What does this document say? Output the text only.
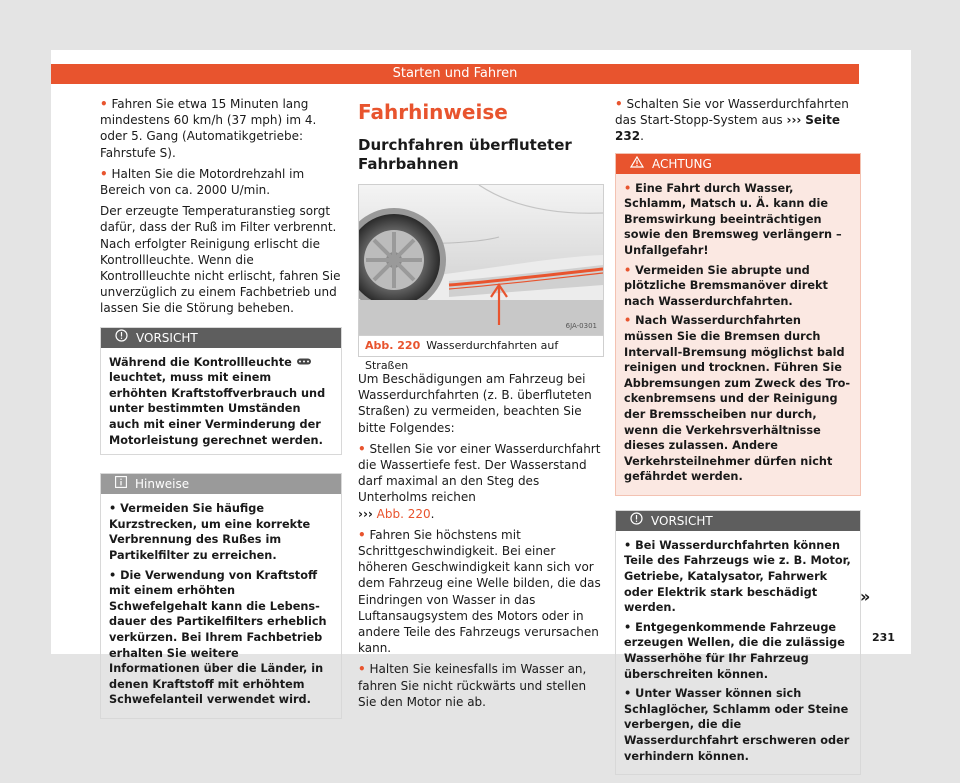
Starten und Fahren

• Fahren Sie etwa 15 Minuten lang mindestens 60 km/h (37 mph) im 4. oder 5. Gang (Automatikgetriebe: Fahrstufe S).

• Halten Sie die Motordrehzahl im Bereich von ca. 2000 U/min.

Der erzeugte Temperaturanstieg sorgt dafür, dass der Ruß im Filter verbrennt. Nach erfolgter Reinigung erlischt die Kontrollleuchte. Wenn die Kontrollleuchte nicht erlischt, fahren Sie unverzüglich zu einem Fachbetrieb und lassen Sie die Störung beheben.

VORSICHT
Während die Kontrollleuchte  leuchtet, muss mit einem erhöhten Kraftstoffverbrauch und unter bestimmten Umständen auch mit einer Verminderung der Motorleistung gerechnet werden.
Hinweise

• Vermeiden Sie häufige Kurzstrecken, um eine korrekte Verbrennung des Rußes im Partikelfilter zu erreichen.

• Die Verwendung von Kraftstoff mit einem erhöhten Schwefelgehalt kann die Lebensdauer des Partikelfilters erheblich verkürzen. Bei Ihrem Fachbetrieb erhalten Sie weitere Informationen über die Länder, in denen Kraftstoff mit erhöhtem Schwefelanteil verwendet wird.

Fahrhinweise
Durchfahren überfluteter Fahrbahnen
6JA-0301
Abb. 220 Wasserdurchfahrten auf Straßen

Um Beschädigungen am Fahrzeug bei Wasserdurchfahrten (z. B. überfluteten Straßen) zu vermeiden, beachten Sie bitte Folgendes:

• Stellen Sie vor einer Wasserdurchfahrt die Wassertiefe fest. Der Wasserstand darf maximal an den Steg des Unterholms reichen
››› Abb. 220.

• Fahren Sie höchstens mit Schrittgeschwindigkeit. Bei einer höheren Geschwindigkeit kann sich vor dem Fahrzeug eine Welle bilden, die das Eindringen von Wasser in das Luftansaugsystem des Motors oder in andere Teile des Fahrzeugs verursachen kann.

• Halten Sie keinesfalls im Wasser an, fahren Sie nicht rückwärts und stellen Sie den Motor nie ab.

• Schalten Sie vor Wasserdurchfahrten das Start-Stopp-System aus ››› Seite 232.

ACHTUNG

• Eine Fahrt durch Wasser, Schlamm, Matsch u. Ä. kann die Bremswirkung beeinträchtigen sowie den Bremsweg verlängern – Unfallgefahr!

• Vermeiden Sie abrupte und plötzliche Bremsmanöver direkt nach Wasserdurchfahrten.

• Nach Wasserdurchfahrten müssen Sie die Bremsen durch Intervall-Bremsung möglichst bald reinigen und trocknen. Führen Sie Abbremsungen zum Zweck des Trockenbremsens und der Reinigung der Bremsscheiben nur durch, wenn die Verkehrsverhältnisse dieses zulassen. Andere Verkehrsteilnehmer dürfen nicht gefährdet werden.

VORSICHT

• Bei Wasserdurchfahrten können Teile des Fahrzeugs wie z. B. Motor, Getriebe, Katalysator, Fahrwerk oder Elektrik stark beschädigt werden.

• Entgegenkommende Fahrzeuge erzeugen Wellen, die die zulässige Wasserhöhe für Ihr Fahrzeug überschreiten können.

• Unter Wasser können sich Schlaglöcher, Schlamm oder Steine verbergen, die die Wasserdurchfahrt erschweren oder verhindern können.

»
231
